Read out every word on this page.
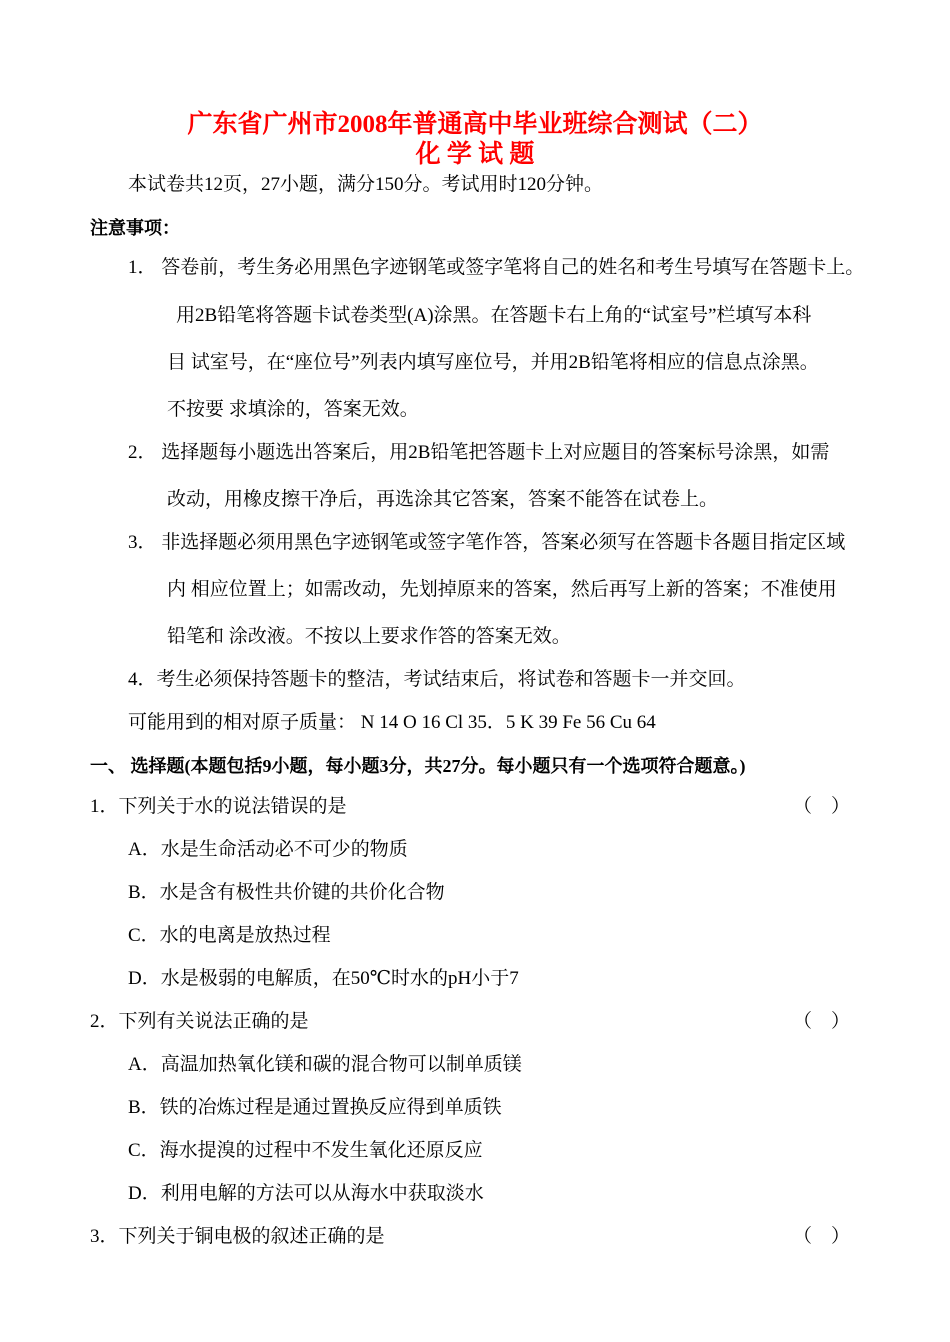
广东省广州市2008年普通高中毕业班综合测试（二）
化 学 试 题
本试卷共12页，27小题，满分150分。考试用时120分钟。
注意事项：
1． 答卷前，考生务必用黑色字迹钢笔或签字笔将自己的姓名和考生号填写在答题卡上。
用2B铅笔将答题卡试卷类型(A)涂黑。在答题卡右上角的“试室号”栏填写本科
目 试室号，在“座位号”列表内填写座位号，并用2B铅笔将相应的信息点涂黑。
不按要 求填涂的，答案无效。
2． 选择题每小题选出答案后，用2B铅笔把答题卡上对应题目的答案标号涂黑，如需
改动，用橡皮擦干净后，再选涂其它答案，答案不能答在试卷上。
3． 非选择题必须用黑色字迹钢笔或签字笔作答，答案必须写在答题卡各题目指定区域
内 相应位置上；如需改动，先划掉原来的答案，然后再写上新的答案；不准使用
铅笔和 涂改液。不按以上要求作答的答案无效。
4．考生必须保持答题卡的整洁，考试结束后，将试卷和答题卡一并交回。
可能用到的相对原子质量： N 14 O 16 Cl 35．5 K 39 Fe 56 Cu 64
一、 选择题(本题包括9小题，每小题3分，共27分。每小题只有一个选项符合题意。)
1．下列关于水的说法错误的是	（    ）
A．水是生命活动必不可少的物质
B．水是含有极性共价键的共价化合物
C．水的电离是放热过程
D．水是极弱的电解质，在50℃时水的pH小于7
2．下列有关说法正确的是	（    ）
A．高温加热氧化镁和碳的混合物可以制单质镁
B．铁的冶炼过程是通过置换反应得到单质铁
C．海水提溴的过程中不发生氧化还原反应
D．利用电解的方法可以从海水中获取淡水
3．下列关于铜电极的叙述正确的是	（    ）
